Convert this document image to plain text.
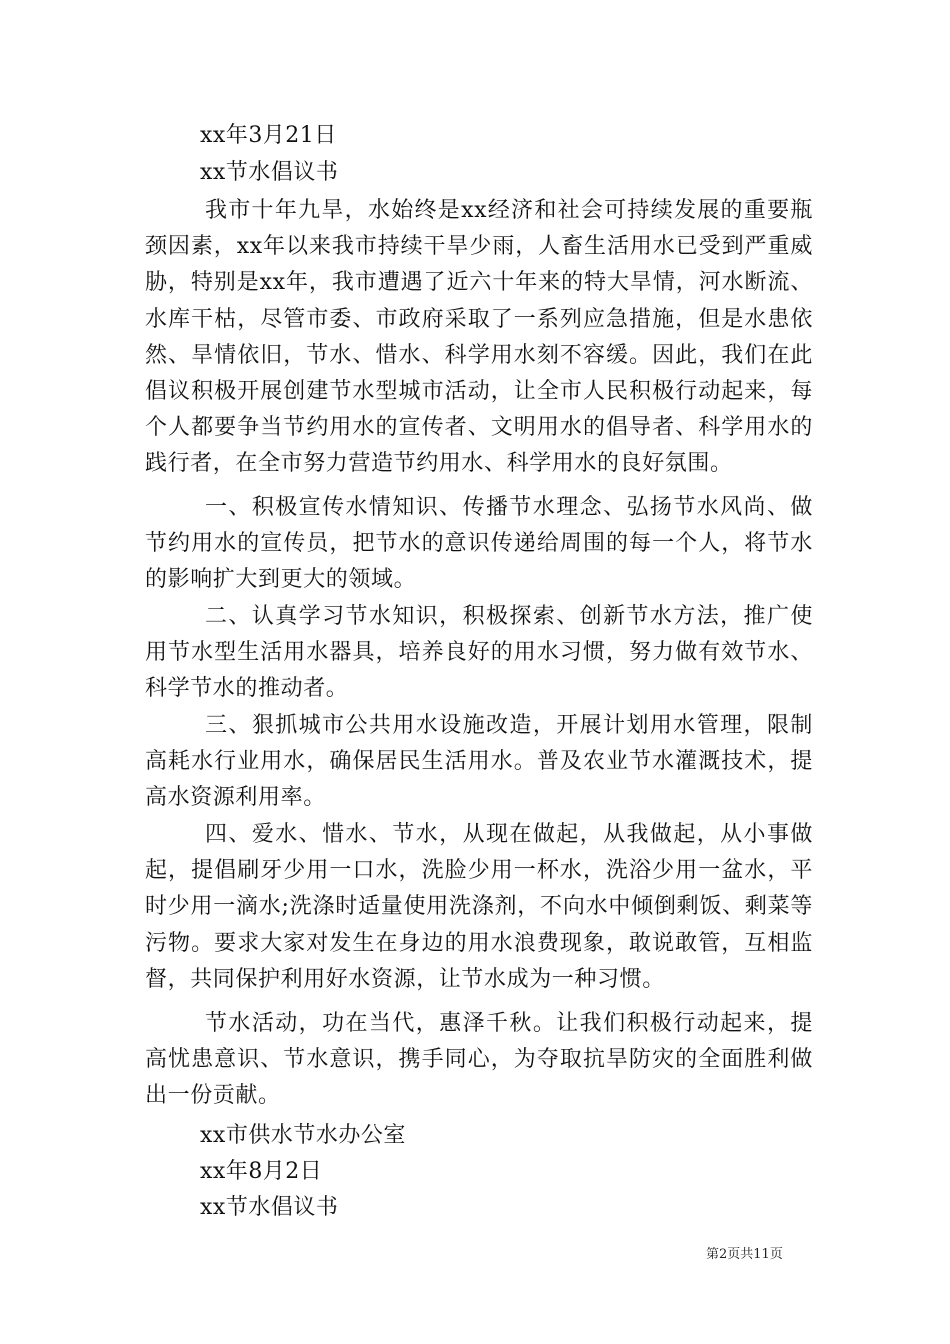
xx年3月21日
xx节水倡议书
我市十年九旱，水始终是xx经济和社会可持续发展的重要瓶颈因素，xx年以来我市持续干旱少雨，人畜生活用水已受到严重威胁，特别是xx年，我市遭遇了近六十年来的特大旱情，河水断流、水库干枯，尽管市委、市政府采取了一系列应急措施，但是水患依然、旱情依旧，节水、惜水、科学用水刻不容缓。因此，我们在此倡议积极开展创建节水型城市活动，让全市人民积极行动起来，每个人都要争当节约用水的宣传者、文明用水的倡导者、科学用水的践行者，在全市努力营造节约用水、科学用水的良好氛围。
一、积极宣传水情知识、传播节水理念、弘扬节水风尚、做节约用水的宣传员，把节水的意识传递给周围的每一个人，将节水的影响扩大到更大的领域。
二、认真学习节水知识，积极探索、创新节水方法，推广使用节水型生活用水器具，培养良好的用水习惯，努力做有效节水、科学节水的推动者。
三、狠抓城市公共用水设施改造，开展计划用水管理，限制高耗水行业用水，确保居民生活用水。普及农业节水灌溉技术，提高水资源利用率。
四、爱水、惜水、节水，从现在做起，从我做起，从小事做起，提倡刷牙少用一口水，洗脸少用一杯水，洗浴少用一盆水，平时少用一滴水;洗涤时适量使用洗涤剂，不向水中倾倒剩饭、剩菜等污物。要求大家对发生在身边的用水浪费现象，敢说敢管，互相监督，共同保护利用好水资源，让节水成为一种习惯。
节水活动，功在当代，惠泽千秋。让我们积极行动起来，提高忧患意识、节水意识，携手同心，为夺取抗旱防灾的全面胜利做出一份贡献。
xx市供水节水办公室
xx年8月2日
xx节水倡议书
第2页共11页
